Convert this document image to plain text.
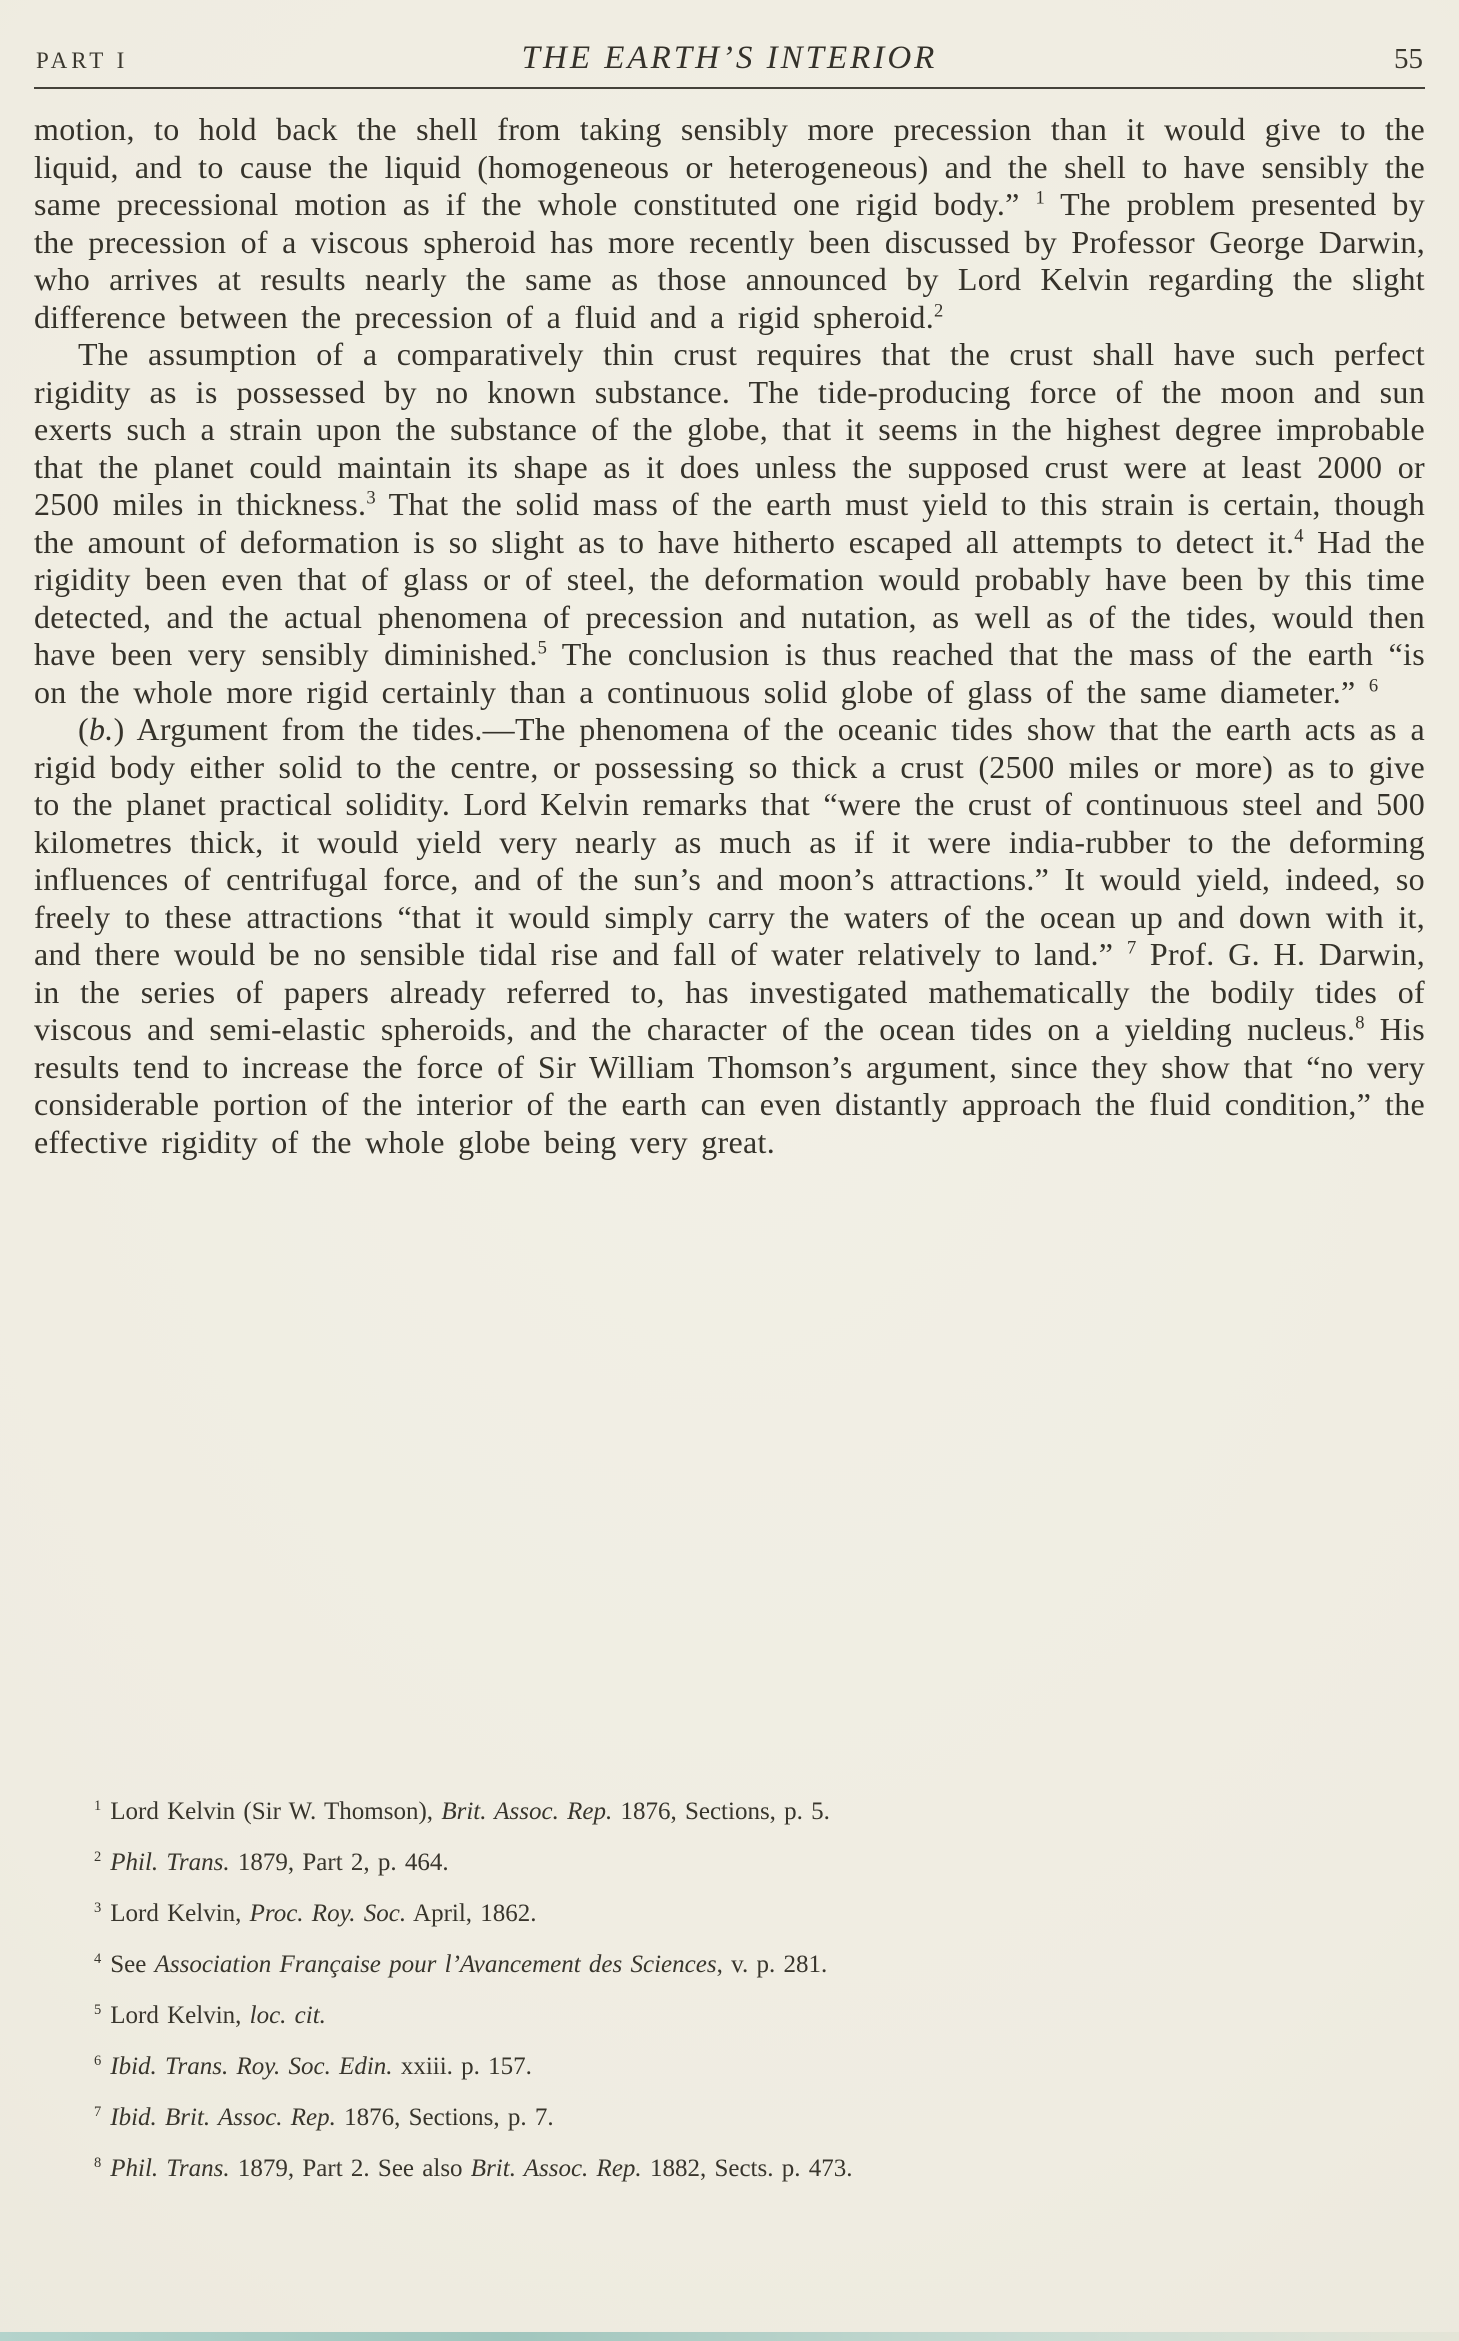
PART I	THE EARTH’S INTERIOR	55

motion, to hold back the shell from taking sensibly more precession than it would give to the liquid, and to cause the liquid (homogeneous or heterogeneous) and the shell to have sensibly the same precessional motion as if the whole constituted one rigid body.” $^1$ The problem presented by the precession of a viscous spheroid has more recently been discussed by Professor George Darwin, who arrives at results nearly the same as those announced by Lord Kelvin regarding the slight difference between the precession of a fluid and a rigid spheroid.$^2$

The assumption of a comparatively thin crust requires that the crust shall have such perfect rigidity as is possessed by no known substance. The tide-producing force of the moon and sun exerts such a strain upon the substance of the globe, that it seems in the highest degree improbable that the planet could maintain its shape as it does unless the supposed crust were at least 2000 or 2500 miles in thickness.$^3$ That the solid mass of the earth must yield to this strain is certain, though the amount of deformation is so slight as to have hitherto escaped all attempts to detect it.$^4$ Had the rigidity been even that of glass or of steel, the deformation would probably have been by this time detected, and the actual phenomena of precession and nutation, as well as of the tides, would then have been very sensibly diminished.$^5$ The conclusion is thus reached that the mass of the earth “is on the whole more rigid certainly than a continuous solid globe of glass of the same diameter.” $^6$

(b.) Argument from the tides.—The phenomena of the oceanic tides show that the earth acts as a rigid body either solid to the centre, or possessing so thick a crust (2500 miles or more) as to give to the planet practical solidity. Lord Kelvin remarks that “were the crust of continuous steel and 500 kilometres thick, it would yield very nearly as much as if it were india-rubber to the deforming influences of centrifugal force, and of the sun’s and moon’s attractions.” It would yield, indeed, so freely to these attractions “that it would simply carry the waters of the ocean up and down with it, and there would be no sensible tidal rise and fall of water relatively to land.” $^7$ Prof. G. H. Darwin, in the series of papers already referred to, has investigated mathematically the bodily tides of viscous and semi-elastic spheroids, and the character of the ocean tides on a yielding nucleus.$^8$ His results tend to increase the force of Sir William Thomson’s argument, since they show that “no very considerable portion of the interior of the earth can even distantly approach the fluid condition,” the effective rigidity of the whole globe being very great.

$^1$ Lord Kelvin (Sir W. Thomson), Brit. Assoc. Rep. 1876, Sections, p. 5.

$^2$ Phil. Trans. 1879, Part 2, p. 464.

$^3$ Lord Kelvin, Proc. Roy. Soc. April, 1862.

$^4$ See Association Française pour l’Avancement des Sciences, v. p. 281.

$^5$ Lord Kelvin, loc. cit.

$^6$ Ibid. Trans. Roy. Soc. Edin. xxiii. p. 157.

$^7$ Ibid. Brit. Assoc. Rep. 1876, Sections, p. 7.

$^8$ Phil. Trans. 1879, Part 2. See also Brit. Assoc. Rep. 1882, Sects. p. 473.
